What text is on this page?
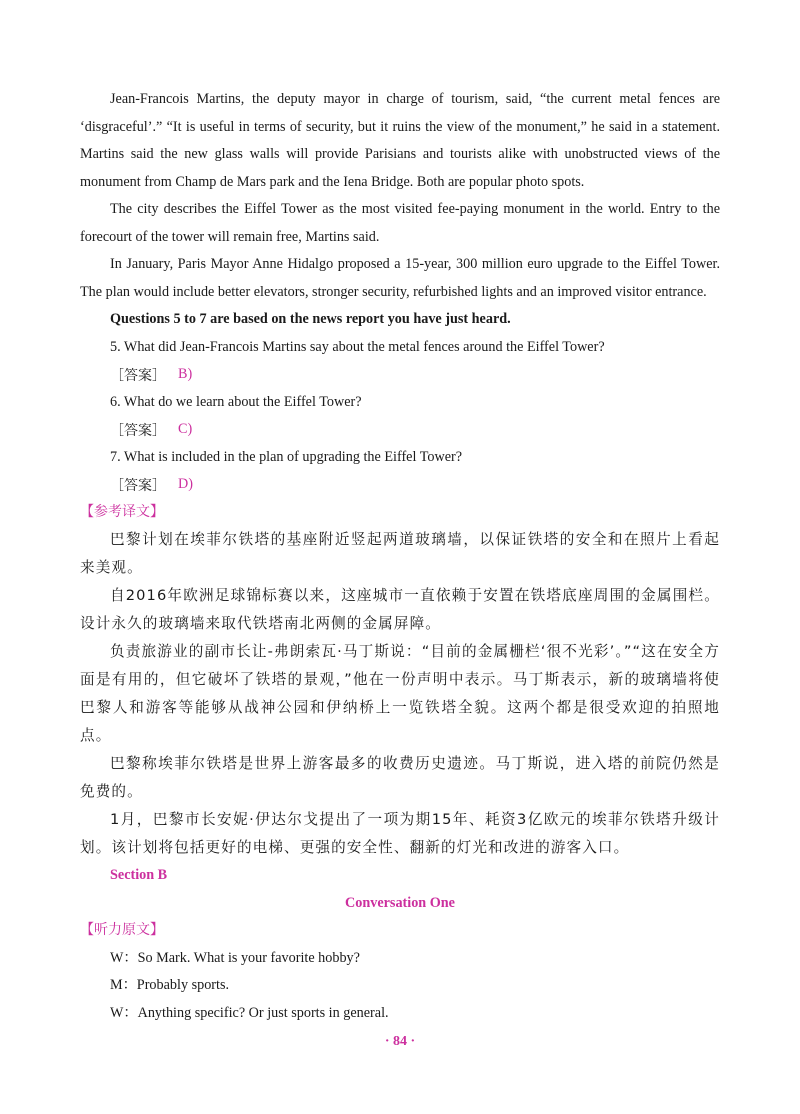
Jean-Francois Martins, the deputy mayor in charge of tourism, said, “the current metal fences are ‘disgraceful’.” “It is useful in terms of security, but it ruins the view of the monument,” he said in a statement. Martins said the new glass walls will provide Parisians and tourists alike with unobstructed views of the monument from Champ de Mars park and the Iena Bridge. Both are popular photo spots.

The city describes the Eiffel Tower as the most visited fee-paying monument in the world. Entry to the forecourt of the tower will remain free, Martins said.

In January, Paris Mayor Anne Hidalgo proposed a 15-year, 300 million euro upgrade to the Eiffel Tower. The plan would include better elevators, stronger security, refurbished lights and an improved visitor entrance.

Questions 5 to 7 are based on the news report you have just heard.

5. What did Jean-Francois Martins say about the metal fences around the Eiffel Tower?

［答案］ B)

6. What do we learn about the Eiffel Tower?

［答案］ C)

7. What is included in the plan of upgrading the Eiffel Tower?

［答案］ D)
【参考译文】

巴黎计划在埃菲尔铁塔的基座附近竖起两道玻璃墙，以保证铁塔的安全和在照片上看起来美观。

自2016年欧洲足球锦标赛以来，这座城市一直依赖于安置在铁塔底座周围的金属围栏。设计永久的玻璃墙来取代铁塔南北两侧的金属屏障。

负责旅游业的副市长让-弗朗索瓦·马丁斯说：“目前的金属栅栏‘很不光彩’。”“这在安全方面是有用的，但它破坏了铁塔的景观，”他在一份声明中表示。马丁斯表示，新的玻璃墙将使巴黎人和游客等能够从战神公园和伊纳桥上一览铁塔全貌。这两个都是很受欢迎的拍照地点。

巴黎称埃菲尔铁塔是世界上游客最多的收费历史遗迹。马丁斯说，进入塔的前院仍然是免费的。

1月，巴黎市长安妮·伊达尔戈提出了一项为期15年、耗资3亿欧元的埃菲尔铁塔升级计划。该计划将包括更好的电梯、更强的安全性、翻新的灯光和改进的游客入口。

Section B
Conversation One
【听力原文】

W：So Mark. What is your favorite hobby?

M：Probably sports.

W：Anything specific? Or just sports in general.

· 84 ·
